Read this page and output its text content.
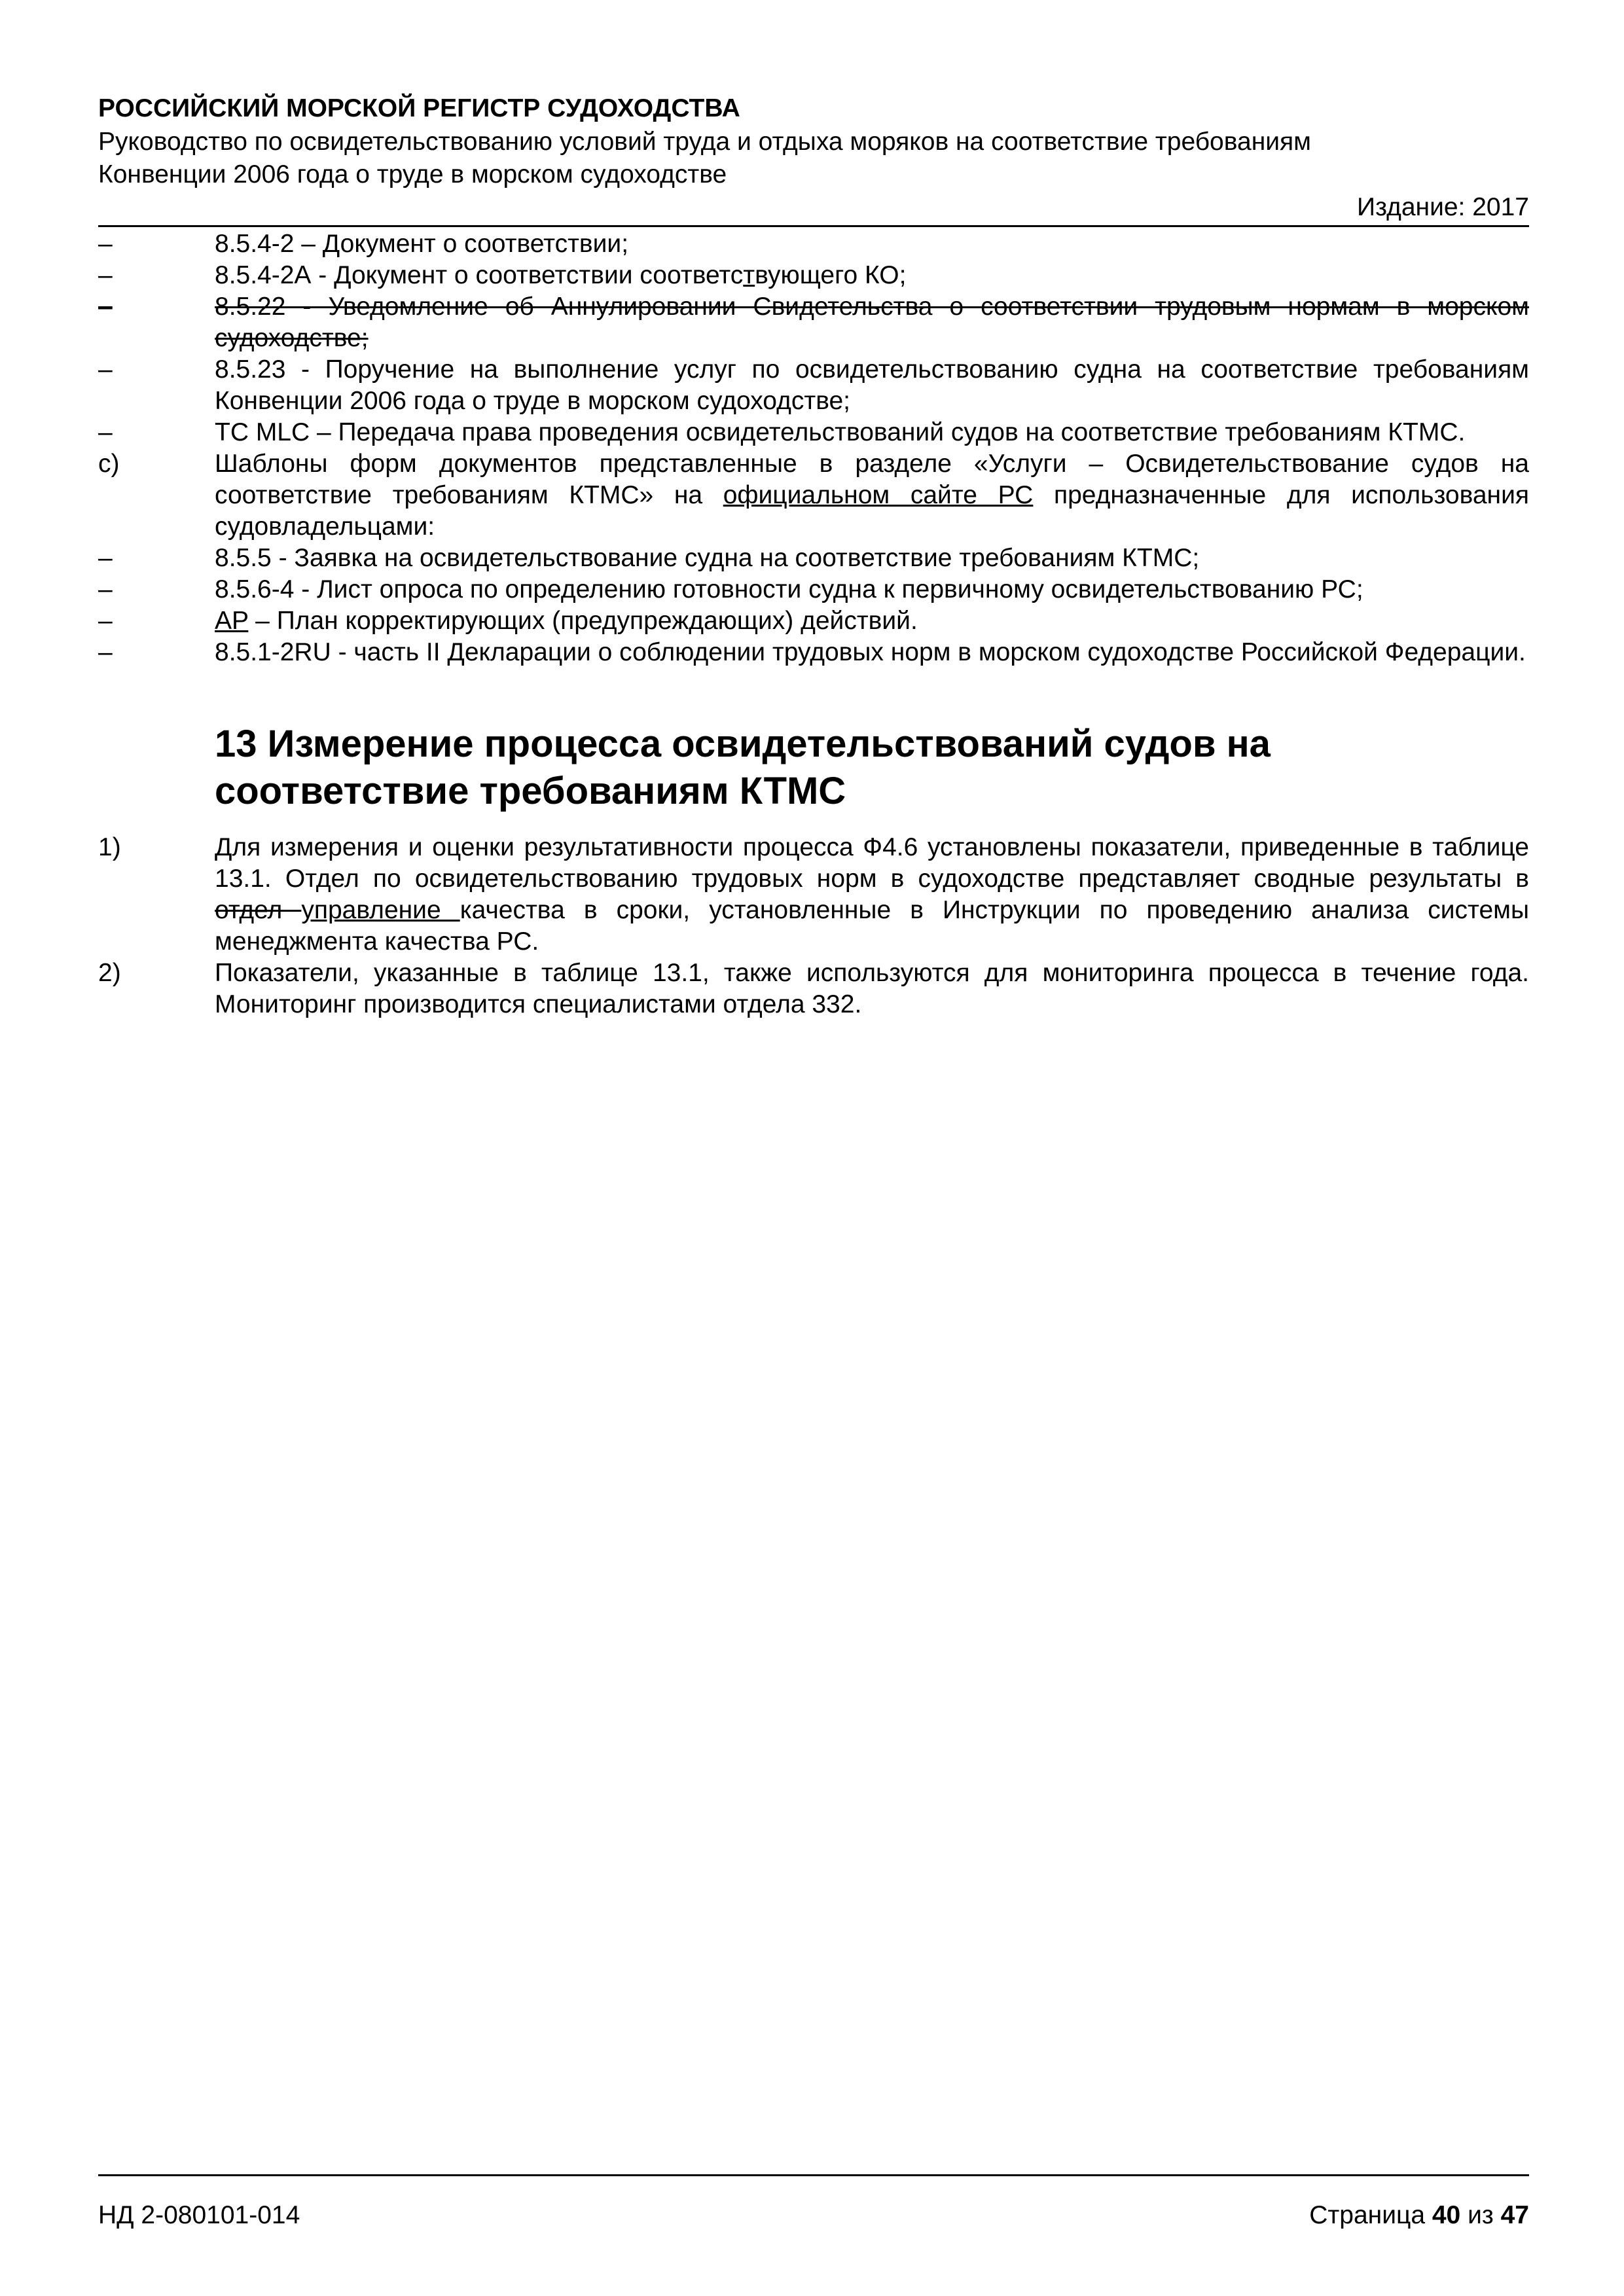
РОССИЙСКИЙ МОРСКОЙ РЕГИСТР СУДОХОДСТВА
Руководство по освидетельствованию условий труда и отдыха моряков на соответствие требованиям
Конвенции 2006 года о труде в морском судоходстве
Издание: 2017
–	8.5.4-2 – Документ о соответствии;
–	8.5.4-2А - Документ о соответствии соответствующего КО;
–	8.5.22 - Уведомление об Аннулировании Свидетельства о соответствии трудовым нормам в морском судоходстве;
–	8.5.23 - Поручение на выполнение услуг по освидетельствованию судна на соответствие требованиям Конвенции 2006 года о труде в морском судоходстве;
–	TC MLC – Передача права проведения освидетельствований судов на соответствие требованиям КТМС.
c)	Шаблоны форм документов представленные в разделе «Услуги – Освидетельствование судов на соответствие требованиям КТМС» на официальном сайте РС предназначенные для использования судовладельцами:
–	8.5.5 - Заявка на освидетельствование судна на соответствие требованиям КТМС;
–	8.5.6-4 - Лист опроса по определению готовности судна к первичному освидетельствованию РС;
–	AP – План корректирующих (предупреждающих) действий.
–	8.5.1-2RU - часть II Декларации о соблюдении трудовых норм в морском судоходстве Российской Федерации.
13 Измерение процесса освидетельствований судов на соответствие требованиям КТМС
1)	Для измерения и оценки результативности процесса Ф4.6 установлены показатели, приведенные в таблице 13.1. Отдел по освидетельствованию трудовых норм в судоходстве представляет сводные результаты в отдел управление качества в сроки, установленные в Инструкции по проведению анализа системы менеджмента качества РС.
2)	Показатели, указанные в таблице 13.1, также используются для мониторинга процесса в течение года. Мониторинг производится специалистами отдела 332.
НД 2-080101-014	Страница 40 из 47
